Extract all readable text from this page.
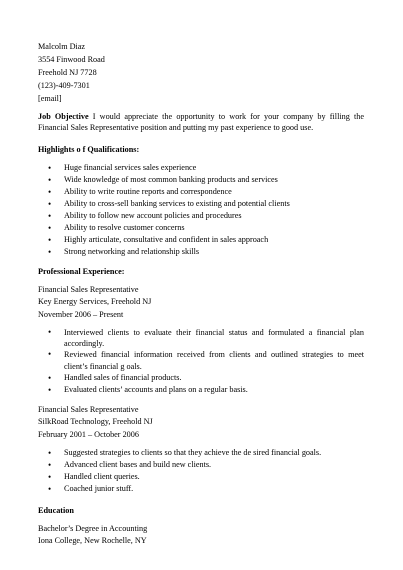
Malcolm Diaz
3554 Finwood Road
Freehold NJ 7728
(123)-409-7301
[email]
Job Objective I would appreciate the opportunity to work for your company by filling the Financial Sales Representative position and putting my past experience to good use.
Highlights o f Qualifications:
• Huge financial services sales experience
• Wide knowledge of most common banking products and services
• Ability to write routine reports and correspondence
• Ability to cross-sell banking services to existing and potential clients
• Ability to follow new account policies and procedures
• Ability to resolve customer concerns
• Highly articulate, consultative and confident in sales approach
• Strong networking and relationship skills
Professional Experience:
Financial Sales Representative
Key Energy Services, Freehold NJ
November 2006 – Present
• Interviewed clients to evaluate their financial status and formulated a financial plan accordingly.
• Reviewed financial information received from clients and outlined strategies to meet client’s financial g oals.
• Handled sales of financial products.
• Evaluated clients’ accounts and plans on a regular basis.
Financial Sales Representative
SilkRoad Technology, Freehold NJ
February 2001 – October 2006
• Suggested strategies to clients so that they achieve the de sired financial goals.
• Advanced client bases and build new clients.
• Handled client queries.
• Coached junior stuff.
Education
Bachelor’s Degree in Accounting
Iona College, New Rochelle, NY
